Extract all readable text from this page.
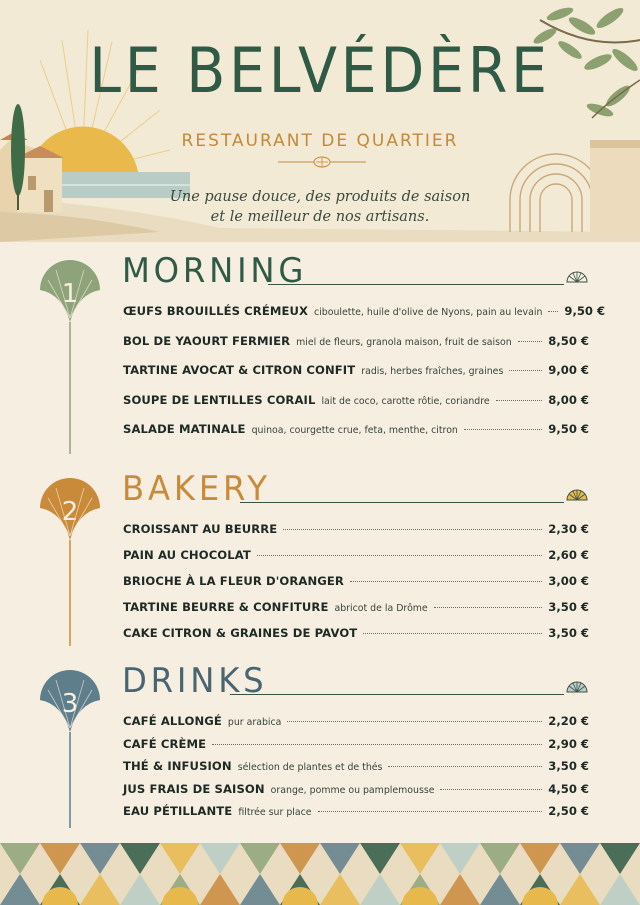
LE BELVÉDÈRE
RESTAURANT DE QUARTIER
Une pause douce, des produits de saison
et le meilleur de nos artisans.
1
MORNING
ŒUFS BROUILLÉS CRÉMEUX ciboulette, huile d'olive de Nyons, pain au levain 9,50 €
BOL DE YAOURT FERMIER miel de fleurs, granola maison, fruit de saison	8,50 €
TARTINE AVOCAT & CITRON CONFIT radis, herbes fraîches, graines	9,00 €
SOUPE DE LENTILLES CORAIL lait de coco, carotte rôtie, coriandre	8,00 €
SALADE MATINALE quinoa, courgette crue, feta, menthe, citron	9,50 €
2
BAKERY
CROISSANT AU BEURRE	2,30 €
PAIN AU CHOCOLAT	2,60 €
BRIOCHE À LA FLEUR D'ORANGER	3,00 €
TARTINE BEURRE & CONFITURE abricot de la Drôme	3,50 €
CAKE CITRON & GRAINES DE PAVOT	3,50 €
3
DRINKS
CAFÉ ALLONGÉ pur arabica	2,20 €
CAFÉ CRÈME	2,90 €
THÉ & INFUSION sélection de plantes et de thés	3,50 €
JUS FRAIS DE SAISON orange, pomme ou pamplemousse	4,50 €
EAU PÉTILLANTE filtrée sur place	2,50 €
